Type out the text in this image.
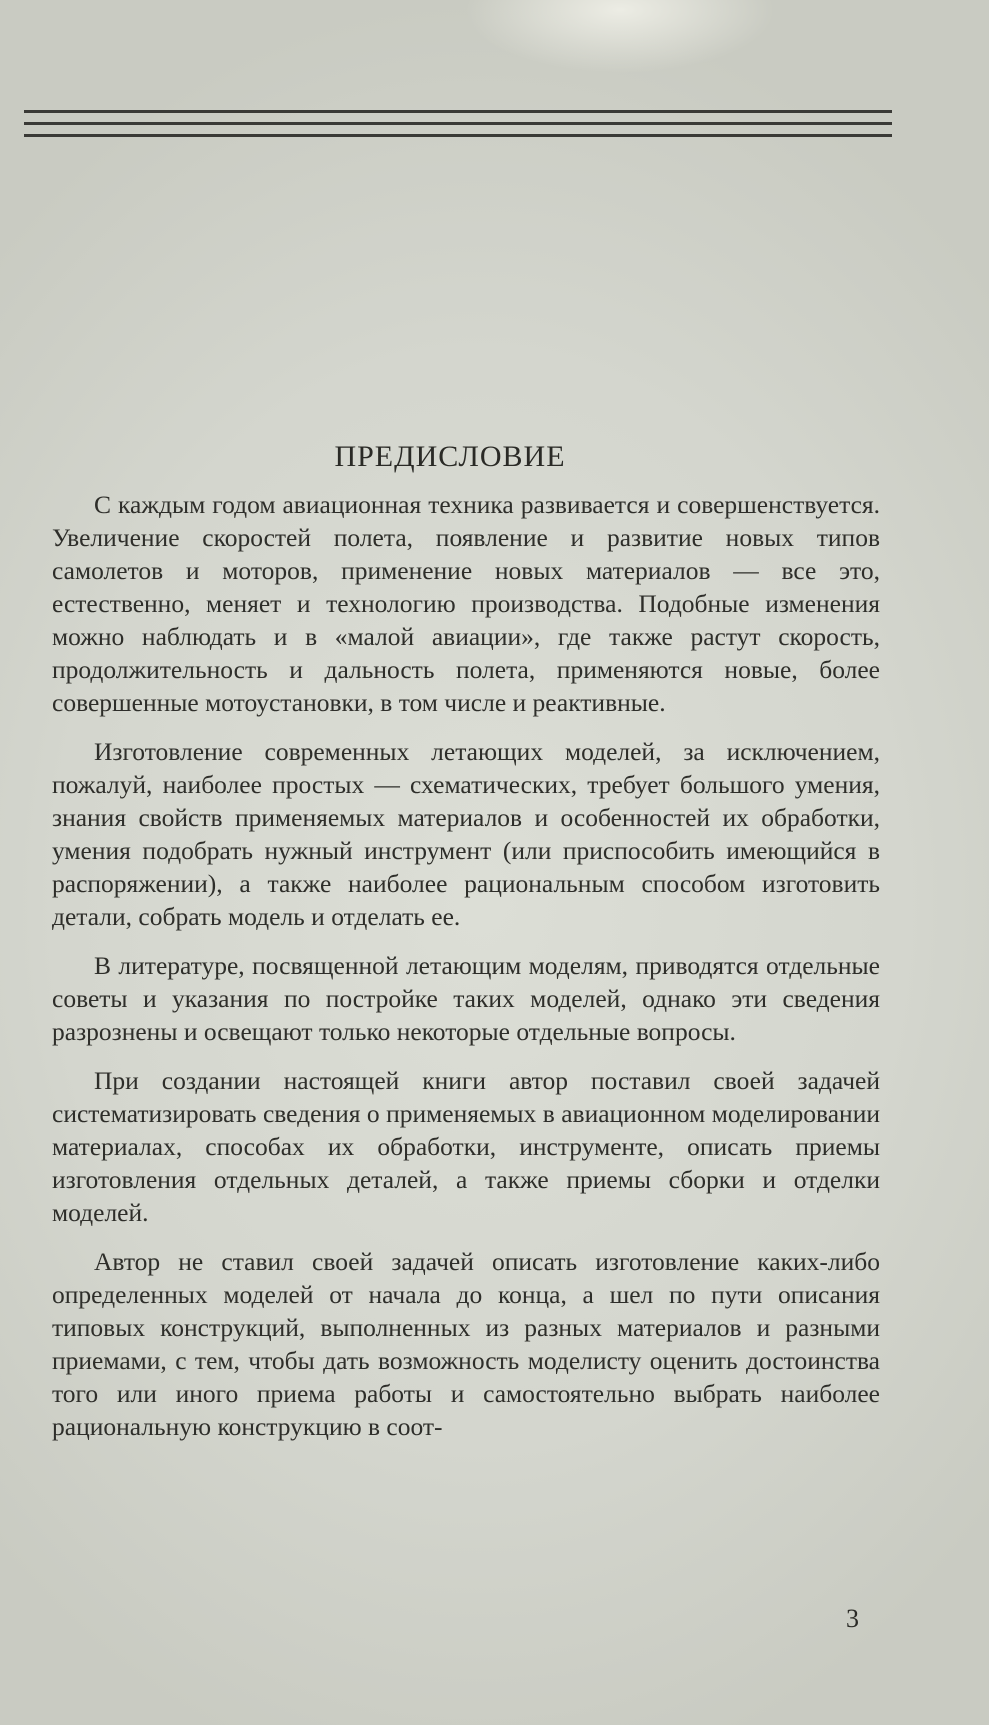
ПРЕДИСЛОВИЕ

С каждым годом авиационная техника развивается и совершенствуется. Увеличение скоростей полета, появление и развитие новых типов самолетов и моторов, применение новых материалов — все это, естественно, меняет и технологию производства. Подобные изменения можно наблюдать и в «малой авиации», где также растут скорость, продолжительность и дальность полета, применяются новые, более совершенные мотоустановки, в том числе и реактивные.

Изготовление современных летающих моделей, за исключением, пожалуй, наиболее простых — схематических, требует большого умения, знания свойств применяемых материалов и особенностей их обработки, умения подобрать нужный инструмент (или приспособить имеющийся в распоряжении), а также наиболее рациональным способом изготовить детали, собрать модель и отделать ее.

В литературе, посвященной летающим моделям, приводятся отдельные советы и указания по постройке таких моделей, однако эти сведения разрознены и освещают только некоторые отдельные вопросы.

При создании настоящей книги автор поставил своей задачей систематизировать сведения о применяемых в авиационном моделировании материалах, способах их обработки, инструменте, описать приемы изготовления отдельных деталей, а также приемы сборки и отделки моделей.

Автор не ставил своей задачей описать изготовление каких-либо определенных моделей от начала до конца, а шел по пути описания типовых конструкций, выполненных из разных материалов и разными приемами, с тем, чтобы дать возможность моделисту оценить достоинства того или иного приема работы и самостоятельно выбрать наиболее рациональную конструкцию в соот-

3
